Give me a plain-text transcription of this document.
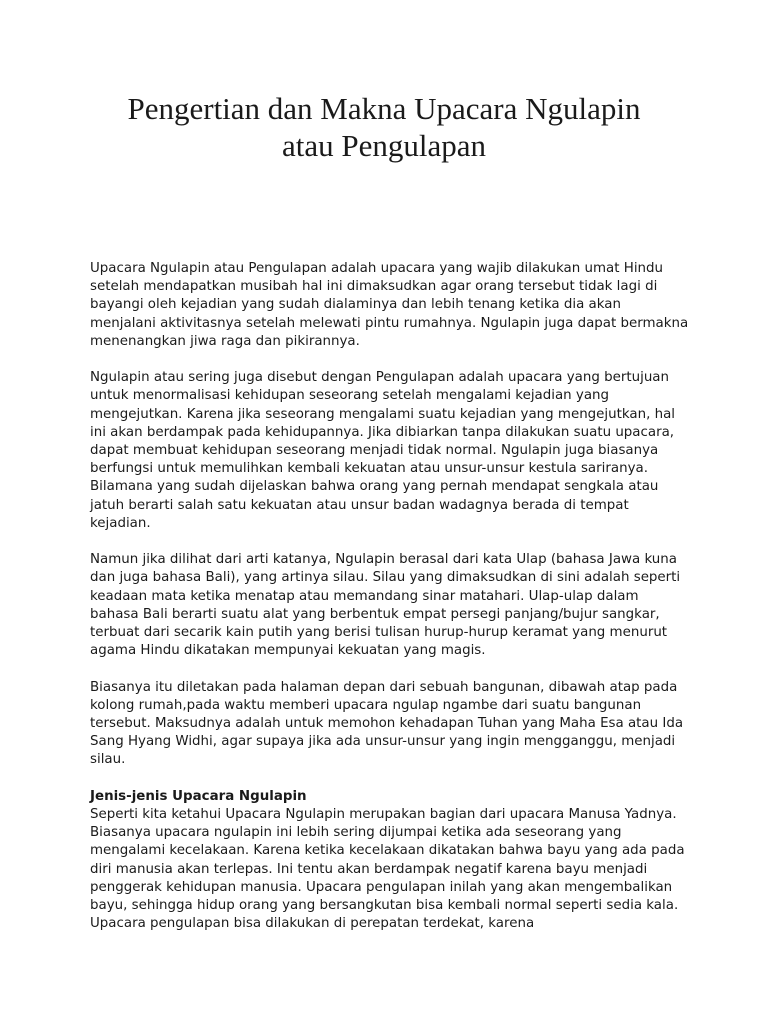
Pengertian dan Makna Upacara Ngulapin
atau Pengulapan

Upacara Ngulapin atau Pengulapan adalah upacara yang wajib dilakukan umat Hindu setelah mendapatkan musibah hal ini dimaksudkan agar orang tersebut tidak lagi di bayangi oleh kejadian yang sudah dialaminya dan lebih tenang ketika dia akan menjalani aktivitasnya setelah melewati pintu rumahnya. Ngulapin juga dapat bermakna menenangkan jiwa raga dan pikirannya.

Ngulapin atau sering juga disebut dengan Pengulapan adalah upacara yang bertujuan untuk menormalisasi kehidupan seseorang setelah mengalami kejadian yang mengejutkan. Karena jika seseorang mengalami suatu kejadian yang mengejutkan, hal ini akan berdampak pada kehidupannya. Jika dibiarkan tanpa dilakukan suatu upacara, dapat membuat kehidupan seseorang menjadi tidak normal. Ngulapin juga biasanya berfungsi untuk memulihkan kembali kekuatan atau unsur-unsur kestula sariranya. Bilamana yang sudah dijelaskan bahwa orang yang pernah mendapat sengkala atau jatuh berarti salah satu kekuatan atau unsur badan wadagnya berada di tempat kejadian.

Namun jika dilihat dari arti katanya, Ngulapin berasal dari kata Ulap (bahasa Jawa kuna dan juga bahasa Bali), yang artinya silau. Silau yang dimaksudkan di sini adalah seperti keadaan mata ketika menatap atau memandang sinar matahari. Ulap-ulap dalam bahasa Bali berarti suatu alat yang berbentuk empat persegi panjang/bujur sangkar, terbuat dari secarik kain putih yang berisi tulisan hurup-hurup keramat yang menurut agama Hindu dikatakan mempunyai kekuatan yang magis.

Biasanya itu diletakan pada halaman depan dari sebuah bangunan, dibawah atap pada kolong rumah,pada waktu memberi upacara ngulap ngambe dari suatu bangunan tersebut. Maksudnya adalah untuk memohon kehadapan Tuhan yang Maha Esa atau Ida Sang Hyang Widhi, agar supaya jika ada unsur-unsur yang ingin mengganggu, menjadi silau.

Jenis-jenis Upacara Ngulapin

Seperti kita ketahui Upacara Ngulapin merupakan bagian dari upacara Manusa Yadnya. Biasanya upacara ngulapin ini lebih sering dijumpai ketika ada seseorang yang mengalami kecelakaan. Karena ketika kecelakaan dikatakan bahwa bayu yang ada pada diri manusia akan terlepas. Ini tentu akan berdampak negatif karena bayu menjadi penggerak kehidupan manusia. Upacara pengulapan inilah yang akan mengembalikan bayu, sehingga hidup orang yang bersangkutan bisa kembali normal seperti sedia kala. Upacara pengulapan bisa dilakukan di perepatan terdekat, karena
